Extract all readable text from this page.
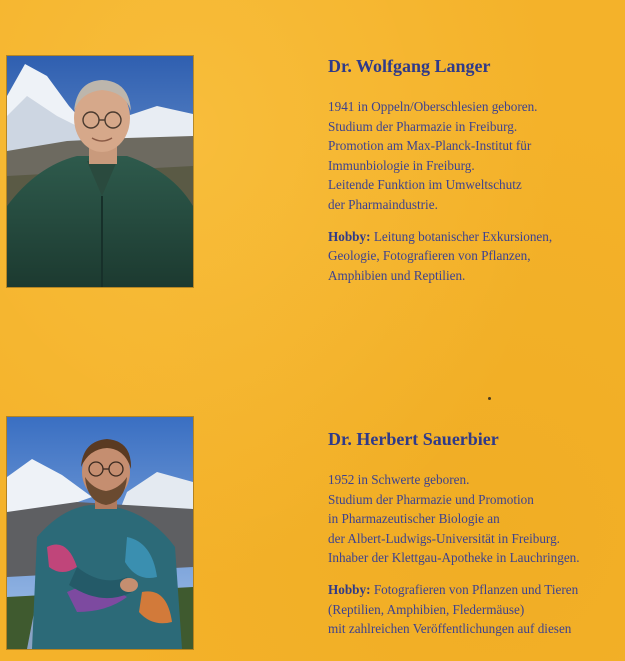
Dr. Wolfgang Langer
1941 in Oppeln/Oberschlesien geboren.
Studium der Pharmazie in Freiburg.
Promotion am Max-Planck-Institut für
Immunbiologie in Freiburg.
Leitende Funktion im Umweltschutz
der Pharmaindustrie.
Hobby: Leitung botanischer Exkursionen,
Geologie, Fotografieren von Pflanzen,
Amphibien und Reptilien.
Dr. Herbert Sauerbier
1952 in Schwerte geboren.
Studium der Pharmazie und Promotion
in Pharmazeutischer Biologie an
der Albert-Ludwigs-Universität in Freiburg.
Inhaber der Klettgau-Apotheke in Lauchringen.
Hobby: Fotografieren von Pflanzen und Tieren
(Reptilien, Amphibien, Fledermäuse)
mit zahlreichen Veröffentlichungen auf diesen
